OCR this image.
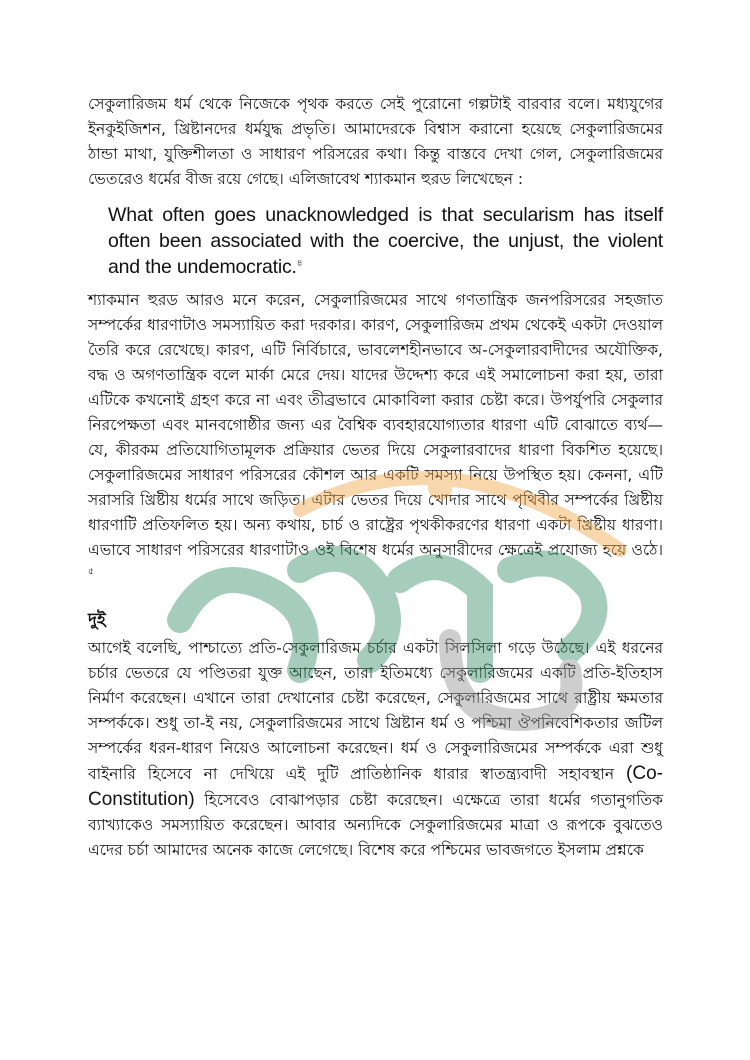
সেকুলারিজম ধর্ম থেকে নিজেকে পৃথক করতে সেই পুরোনো গল্পটাই বারবার বলে। মধ্যযুগের ইনকুইজিশন, খ্রিষ্টানদের ধর্মযুদ্ধ প্রভৃতি। আমাদেরকে বিশ্বাস করানো হয়েছে সেকুলারিজমের ঠান্ডা মাথা, যুক্তিশীলতা ও সাধারণ পরিসরের কথা। কিন্তু বাস্তবে দেখা গেল, সেকুলারিজমের ভেতরেও ধর্মের বীজ রয়ে গেছে। এলিজাবেথ শ্যাকমান হুরড লিখেছেন :

What often goes unacknowledged is that secularism has itself often been associated with the coercive, the unjust, the violent and the undemocratic.$^৪$

শ্যাকমান হুরড আরও মনে করেন, সেকুলারিজমের সাথে গণতান্ত্রিক জনপরিসরের সহজাত সম্পর্কের ধারণাটাও সমস্যায়িত করা দরকার। কারণ, সেকুলারিজম প্রথম থেকেই একটা দেওয়াল তৈরি করে রেখেছে। কারণ, এটি নির্বিচারে, ভাবলেশহীনভাবে অ-সেকুলারবাদীদের অযৌক্তিক, বদ্ধ ও অগণতান্ত্রিক বলে মার্কা মেরে দেয়। যাদের উদ্দেশ্য করে এই সমালোচনা করা হয়, তারা এটিকে কখনোই গ্রহণ করে না এবং তীব্রভাবে মোকাবিলা করার চেষ্টা করে। উপর্যুপরি সেকুলার নিরপেক্ষতা এবং মানবগোষ্ঠীর জন্য এর বৈশ্বিক ব্যবহারযোগ্যতার ধারণা এটি বোঝাতে ব্যর্থ—যে, কীরকম প্রতিযোগিতামূলক প্রক্রিয়ার ভেতর দিয়ে সেকুলারবাদের ধারণা বিকশিত হয়েছে। সেকুলারিজমের সাধারণ পরিসরের কৌশল আর একটি সমস্যা নিয়ে উপস্থিত হয়। কেননা, এটি সরাসরি খ্রিষ্টীয় ধর্মের সাথে জড়িত। এটার ভেতর দিয়ে খোদার সাথে পৃথিবীর সম্পর্কের খ্রিষ্টীয় ধারণাটি প্রতিফলিত হয়। অন্য কথায়, চার্চ ও রাষ্ট্রের পৃথকীকরণের ধারণা একটা খ্রিষ্টীয় ধারণা। এভাবে সাধারণ পরিসরের ধারণাটাও ওই বিশেষ ধর্মের অনুসারীদের ক্ষেত্রেই প্রযোজ্য হয়ে ওঠে।$^৫$

দুই

আগেই বলেছি, পাশ্চাত্যে প্রতি-সেকুলারিজম চর্চার একটা সিলসিলা গড়ে উঠেছে। এই ধরনের চর্চার ভেতরে যে পণ্ডিতরা যুক্ত আছেন, তারা ইতিমধ্যে সেকুলারিজমের একটি প্রতি-ইতিহাস নির্মাণ করেছেন। এখানে তারা দেখানোর চেষ্টা করেছেন, সেকুলারিজমের সাথে রাষ্ট্রীয় ক্ষমতার সম্পর্ককে। শুধু তা-ই নয়, সেকুলারিজমের সাথে খ্রিষ্টান ধর্ম ও পশ্চিমা ঔপনিবেশিকতার জটিল সম্পর্কের ধরন-ধারণ নিয়েও আলোচনা করেছেন। ধর্ম ও সেকুলারিজমের সম্পর্ককে এরা শুধু বাইনারি হিসেবে না দেখিয়ে এই দুটি প্রাতিষ্ঠানিক ধারার স্বাতন্ত্র্যবাদী সহাবস্থান (Co-Constitution) হিসেবেও বোঝাপড়ার চেষ্টা করেছেন। এক্ষেত্রে তারা ধর্মের গতানুগতিক ব্যাখ্যাকেও সমস্যায়িত করেছেন। আবার অন্যদিকে সেকুলারিজমের মাত্রা ও রূপকে বুঝতেও এদের চর্চা আমাদের অনেক কাজে লেগেছে। বিশেষ করে পশ্চিমের ভাবজগতে ইসলাম প্রশ্নকে
